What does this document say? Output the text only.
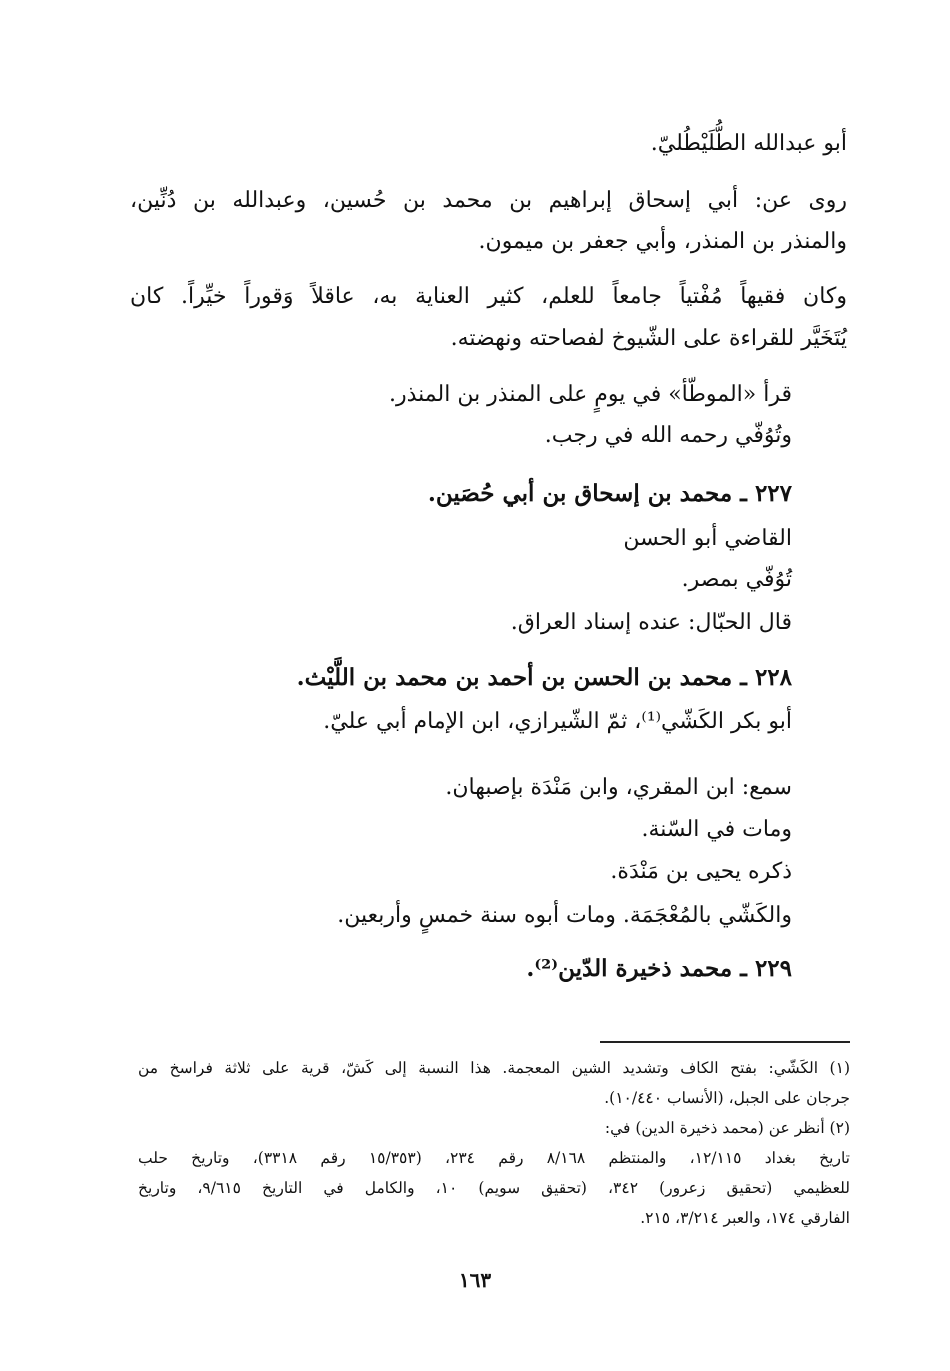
أبو عبدالله الطُّلَيْطُليّ.
روى عن: أبي إسحاق إبراهيم بن محمد بن حُسين، وعبدالله بن دُنِّين،
والمنذر بن المنذر، وأبي جعفر بن ميمون.
وكان فقيهاً مُفْتياً جامعاً للعلم، كثير العناية به، عاقلاً وَقوراً خيِّراً. كان
يُتَخَيَّر للقراءة على الشّيوخ لفصاحته ونهضته.
قرأ «الموطّأ» في يومٍ على المنذر بن المنذر.
وتُوُفّي رحمه الله في رجب.
٢٢٧ ـ محمد بن إسحاق بن أبي حُصَين.
القاضي أبو الحسن
تُوُفّي بمصر.
قال الحبّال: عنده إسناد العراق.
٢٢٨ ـ محمد بن الحسن بن أحمد بن محمد بن اللَّيْث.
أبو بكر الكَشّي⁽¹⁾، ثمّ الشّيرازي، ابن الإمام أبي عليّ.
سمع: ابن المقري، وابن مَنْدَة بإصبهان.
ومات في السّنة.
ذكره يحيى بن مَنْدَة.
والكَشّي بالمُعْجَمَة. ومات أبوه سنة خمسٍ وأربعين.
٢٢٩ ـ محمد ذخيرة الدّين⁽²⁾.
(١) الكَشّي: بفتح الكاف وتشديد الشين المعجمة. هذا النسبة إلى كَشّ، قرية على ثلاثة فراسخ من
جرجان على الجبل، (الأنساب ١٠/٤٤٠).
(٢) أنظر عن (محمد ذخيرة الدين) في:
تاريخ بغداد ١٢/١١٥، والمنتظم ٨/١٦٨ رقم ٢٣٤، (١٥/٣٥٣ رقم ٣٣١٨)، وتاريخ حلب
للعظيمي (تحقيق زعرور) ٣٤٢، (تحقيق سويم) ١٠، والكامل في التاريخ ٩/٦١٥، وتاريخ
الفارقي ١٧٤، والعبر ٣/٢١٤، ٢١٥.
١٦٣
